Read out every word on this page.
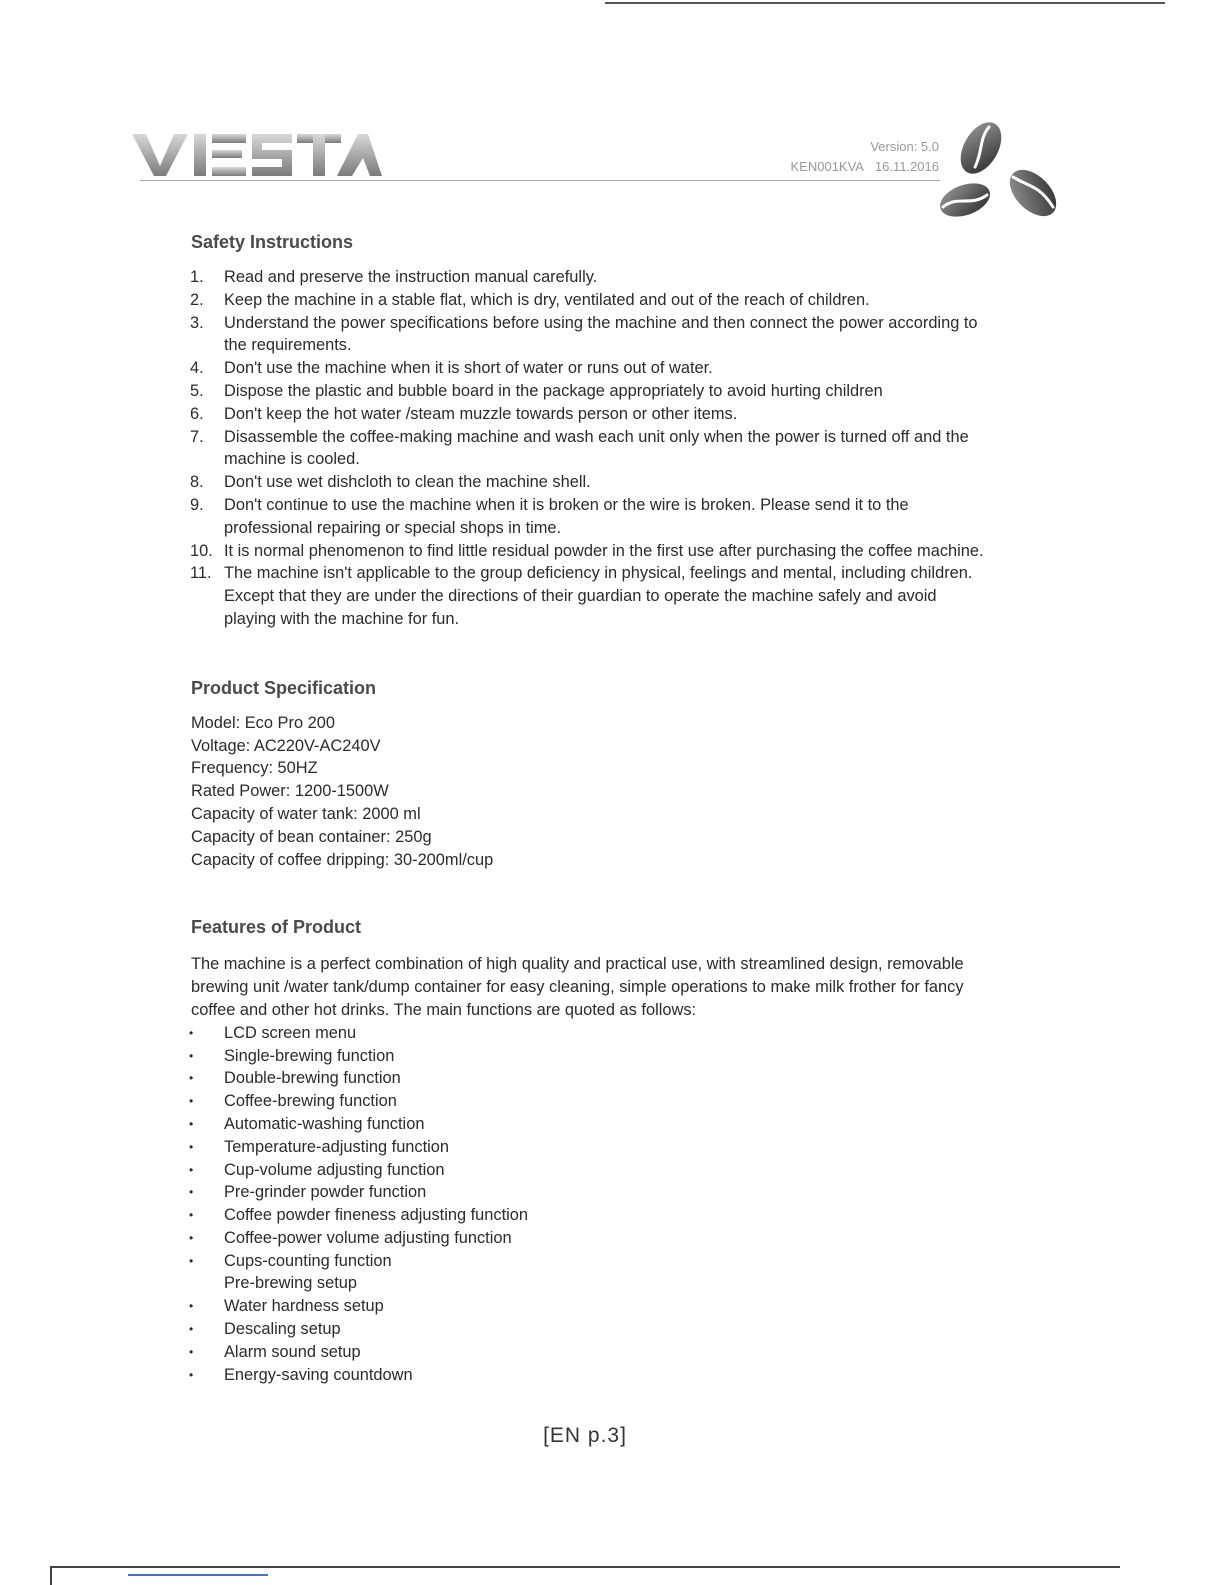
Version: 5.0
KEN001KVA 16.11.2016
Safety Instructions
1. Read and preserve the instruction manual carefully.
2. Keep the machine in a stable flat, which is dry, ventilated and out of the reach of children.
3. Understand the power specifications before using the machine and then connect the power according to the requirements.
4. Don't use the machine when it is short of water or runs out of water.
5. Dispose the plastic and bubble board in the package appropriately to avoid hurting children
6. Don't keep the hot water /steam muzzle towards person or other items.
7. Disassemble the coffee-making machine and wash each unit only when the power is turned off and the machine is cooled.
8. Don't use wet dishcloth to clean the machine shell.
9. Don't continue to use the machine when it is broken or the wire is broken. Please send it to the professional repairing or special shops in time.
10. It is normal phenomenon to find little residual powder in the first use after purchasing the coffee machine.
11. The machine isn't applicable to the group deficiency in physical, feelings and mental, including children. Except that they are under the directions of their guardian to operate the machine safely and avoid playing with the machine for fun.
Product Specification
Model: Eco Pro 200
Voltage: AC220V-AC240V
Frequency: 50HZ
Rated Power: 1200-1500W
Capacity of water tank: 2000 ml
Capacity of bean container: 250g
Capacity of coffee dripping: 30-200ml/cup
Features of Product
The machine is a perfect combination of high quality and practical use, with streamlined design, removable brewing unit /water tank/dump container for easy cleaning, simple operations to make milk frother for fancy coffee and other hot drinks. The main functions are quoted as follows:
• LCD screen menu
• Single-brewing function
• Double-brewing function
• Coffee-brewing function
• Automatic-washing function
• Temperature-adjusting function
• Cup-volume adjusting function
• Pre-grinder powder function
• Coffee powder fineness adjusting function
• Coffee-power volume adjusting function
• Cups-counting function
Pre-brewing setup
• Water hardness setup
• Descaling setup
• Alarm sound setup
• Energy-saving countdown
[EN p.3]
